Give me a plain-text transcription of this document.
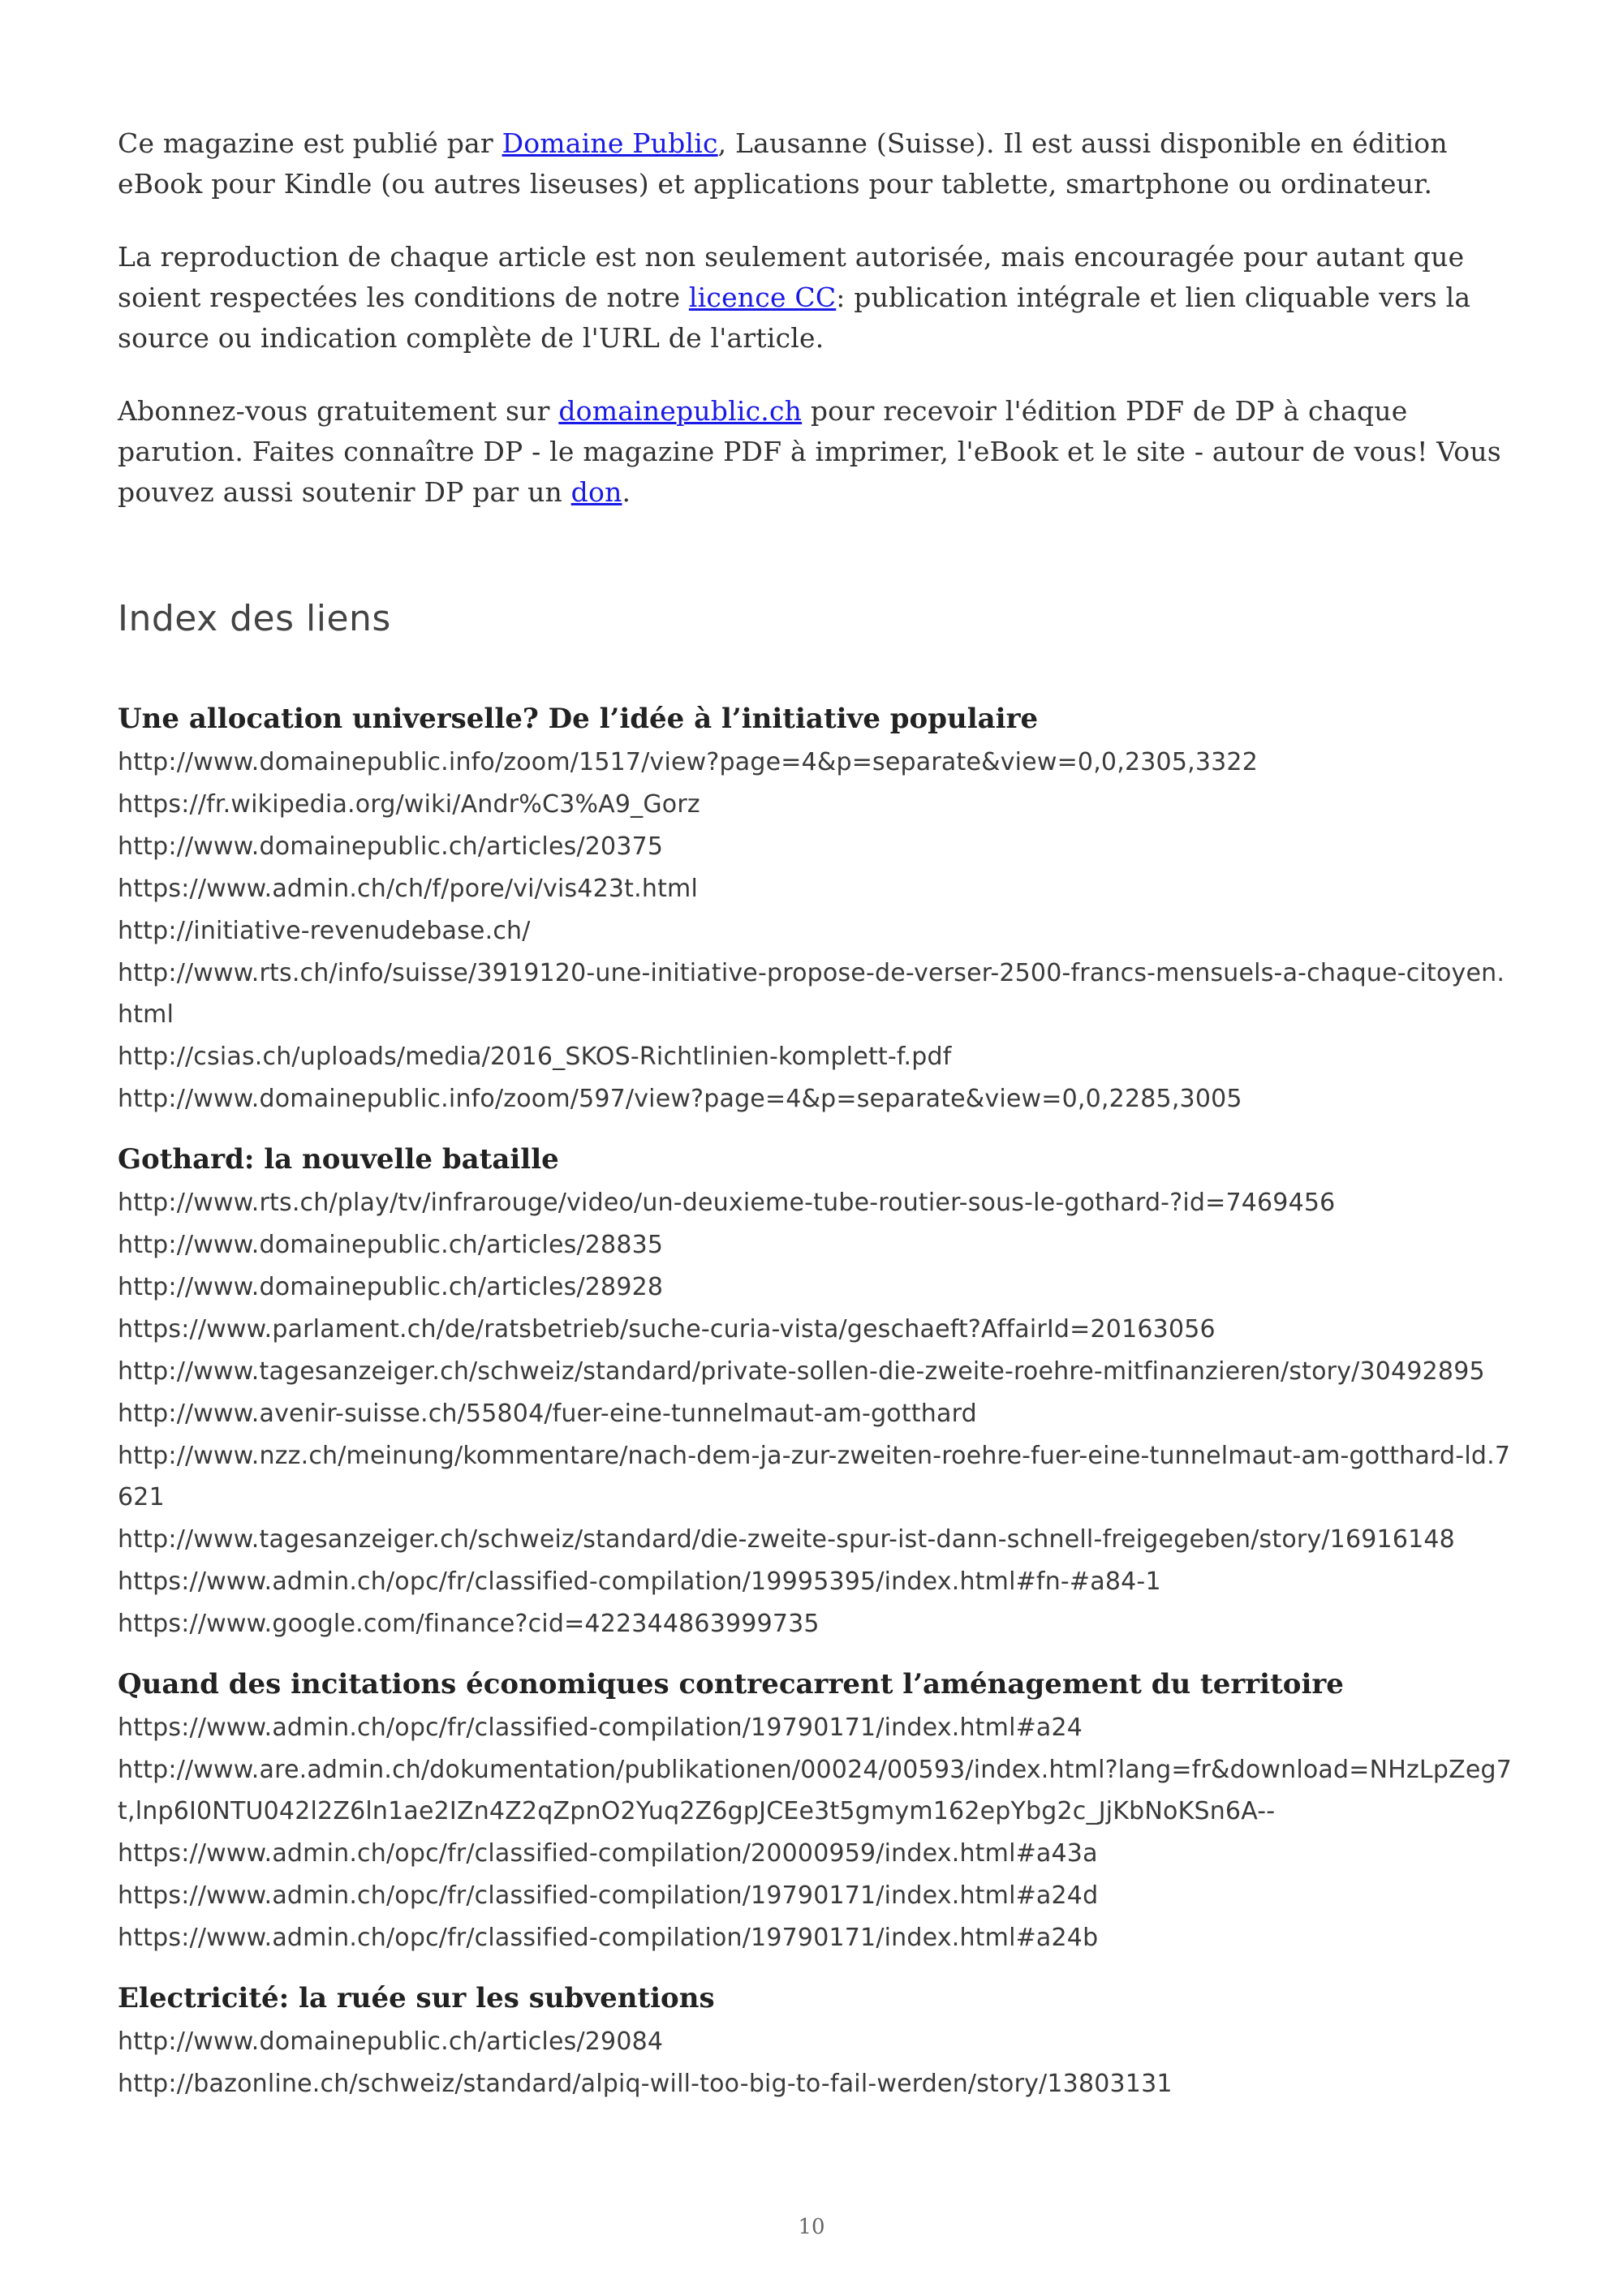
Ce magazine est publié par Domaine Public, Lausanne (Suisse). Il est aussi disponible en édition eBook pour Kindle (ou autres liseuses) et applications pour tablette, smartphone ou ordinateur.

La reproduction de chaque article est non seulement autorisée, mais encouragée pour autant que soient respectées les conditions de notre licence CC: publication intégrale et lien cliquable vers la source ou indication complète de l'URL de l'article.

Abonnez-vous gratuitement sur domainepublic.ch pour recevoir l'édition PDF de DP à chaque parution. Faites connaître DP - le magazine PDF à imprimer, l'eBook et le site - autour de vous! Vous pouvez aussi soutenir DP par un don.

Index des liens
Une allocation universelle? De l’idée à l’initiative populaire
http://www.domainepublic.info/zoom/1517/view?page=4&p=separate&view=0,0,2305,3322
https://fr.wikipedia.org/wiki/Andr%C3%A9_Gorz
http://www.domainepublic.ch/articles/20375
https://www.admin.ch/ch/f/pore/vi/vis423t.html
http://initiative-revenudebase.ch/
http://www.rts.ch/info/suisse/3919120-une-initiative-propose-de-verser-2500-francs-mensuels-a-chaque-citoyen.html
http://csias.ch/uploads/media/2016_SKOS-Richtlinien-komplett-f.pdf
http://www.domainepublic.info/zoom/597/view?page=4&p=separate&view=0,0,2285,3005
Gothard: la nouvelle bataille
http://www.rts.ch/play/tv/infrarouge/video/un-deuxieme-tube-routier-sous-le-gothard-?id=7469456
http://www.domainepublic.ch/articles/28835
http://www.domainepublic.ch/articles/28928
https://www.parlament.ch/de/ratsbetrieb/suche-curia-vista/geschaeft?AffairId=20163056
http://www.tagesanzeiger.ch/schweiz/standard/private-sollen-die-zweite-roehre-mitfinanzieren/story/30492895
http://www.avenir-suisse.ch/55804/fuer-eine-tunnelmaut-am-gotthard
http://www.nzz.ch/meinung/kommentare/nach-dem-ja-zur-zweiten-roehre-fuer-eine-tunnelmaut-am-gotthard-ld.7621
http://www.tagesanzeiger.ch/schweiz/standard/die-zweite-spur-ist-dann-schnell-freigegeben/story/16916148
https://www.admin.ch/opc/fr/classified-compilation/19995395/index.html#fn-#a84-1
https://www.google.com/finance?cid=422344863999735
Quand des incitations économiques contrecarrent l’aménagement du territoire
https://www.admin.ch/opc/fr/classified-compilation/19790171/index.html#a24
http://www.are.admin.ch/dokumentation/publikationen/00024/00593/index.html?lang=fr&download=NHzLpZeg7t,lnp6I0NTU042l2Z6ln1ae2IZn4Z2qZpnO2Yuq2Z6gpJCEe3t5gmym162epYbg2c_JjKbNoKSn6A--
https://www.admin.ch/opc/fr/classified-compilation/20000959/index.html#a43a
https://www.admin.ch/opc/fr/classified-compilation/19790171/index.html#a24d
https://www.admin.ch/opc/fr/classified-compilation/19790171/index.html#a24b
Electricité: la ruée sur les subventions
http://www.domainepublic.ch/articles/29084
http://bazonline.ch/schweiz/standard/alpiq-will-too-big-to-fail-werden/story/13803131
10
